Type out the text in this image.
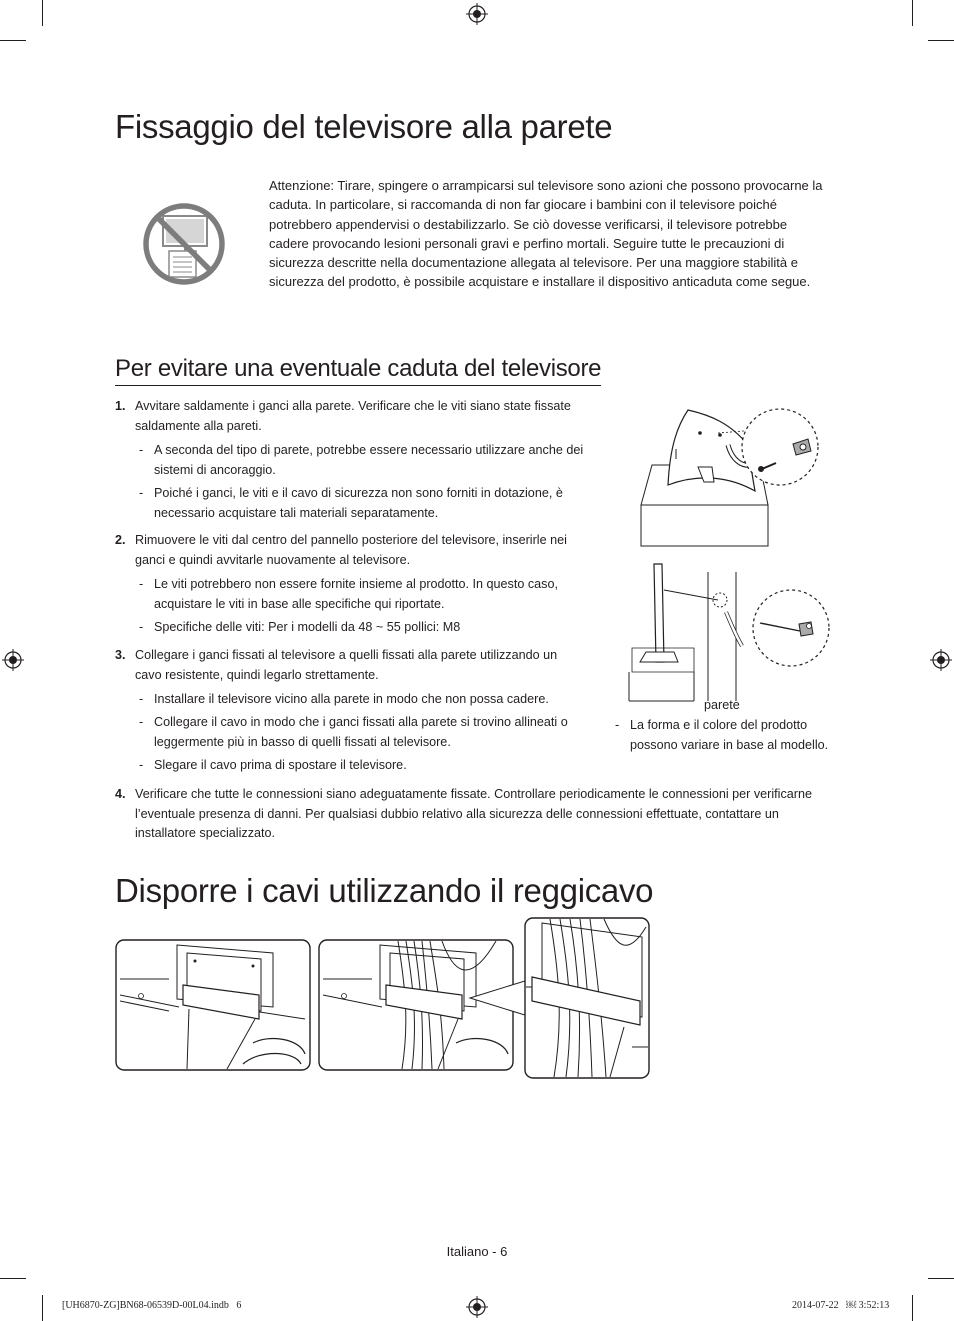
Fissaggio del televisore alla parete
Attenzione: Tirare, spingere o arrampicarsi sul televisore sono azioni che possono provocarne la caduta. In particolare, si raccomanda di non far giocare i bambini con il televisore poiché potrebbero appendervisi o destabilizzarlo. Se ciò dovesse verificarsi, il televisore potrebbe cadere provocando lesioni personali gravi e perfino mortali. Seguire tutte le precauzioni di sicurezza descritte nella documentazione allegata al televisore. Per una maggiore stabilità e sicurezza del prodotto, è possibile acquistare e installare il dispositivo anticaduta come segue.
Per evitare una eventuale caduta del televisore
1. Avvitare saldamente i ganci alla parete. Verificare che le viti siano state fissate saldamente alla pareti.
- A seconda del tipo di parete, potrebbe essere necessario utilizzare anche dei sistemi di ancoraggio.
- Poiché i ganci, le viti e il cavo di sicurezza non sono forniti in dotazione, è necessario acquistare tali materiali separatamente.
2. Rimuovere le viti dal centro del pannello posteriore del televisore, inserirle nei ganci e quindi avvitarle nuovamente al televisore.
- Le viti potrebbero non essere fornite insieme al prodotto. In questo caso, acquistare le viti in base alle specifiche qui riportate.
- Specifiche delle viti: Per i modelli da 48 ~ 55 pollici: M8
3. Collegare i ganci fissati al televisore a quelli fissati alla parete utilizzando un cavo resistente, quindi legarlo strettamente.
- Installare il televisore vicino alla parete in modo che non possa cadere.
- Collegare il cavo in modo che i ganci fissati alla parete si trovino allineati o leggermente più in basso di quelli fissati al televisore.
- Slegare il cavo prima di spostare il televisore.
4. Verificare che tutte le connessioni siano adeguatamente fissate. Controllare periodicamente le connessioni per verificarne l’eventuale presenza di danni. Per qualsiasi dubbio relativo alla sicurezza delle connessioni effettuate, contattare un installatore specializzato.
parete
- La forma e il colore del prodotto possono variare in base al modello.
Disporre i cavi utilizzando il reggicavo
Italiano - 6
[UH6870-ZG]BN68-06539D-00L04.indb   6	2014-07-22   ￼ 3:52:13
